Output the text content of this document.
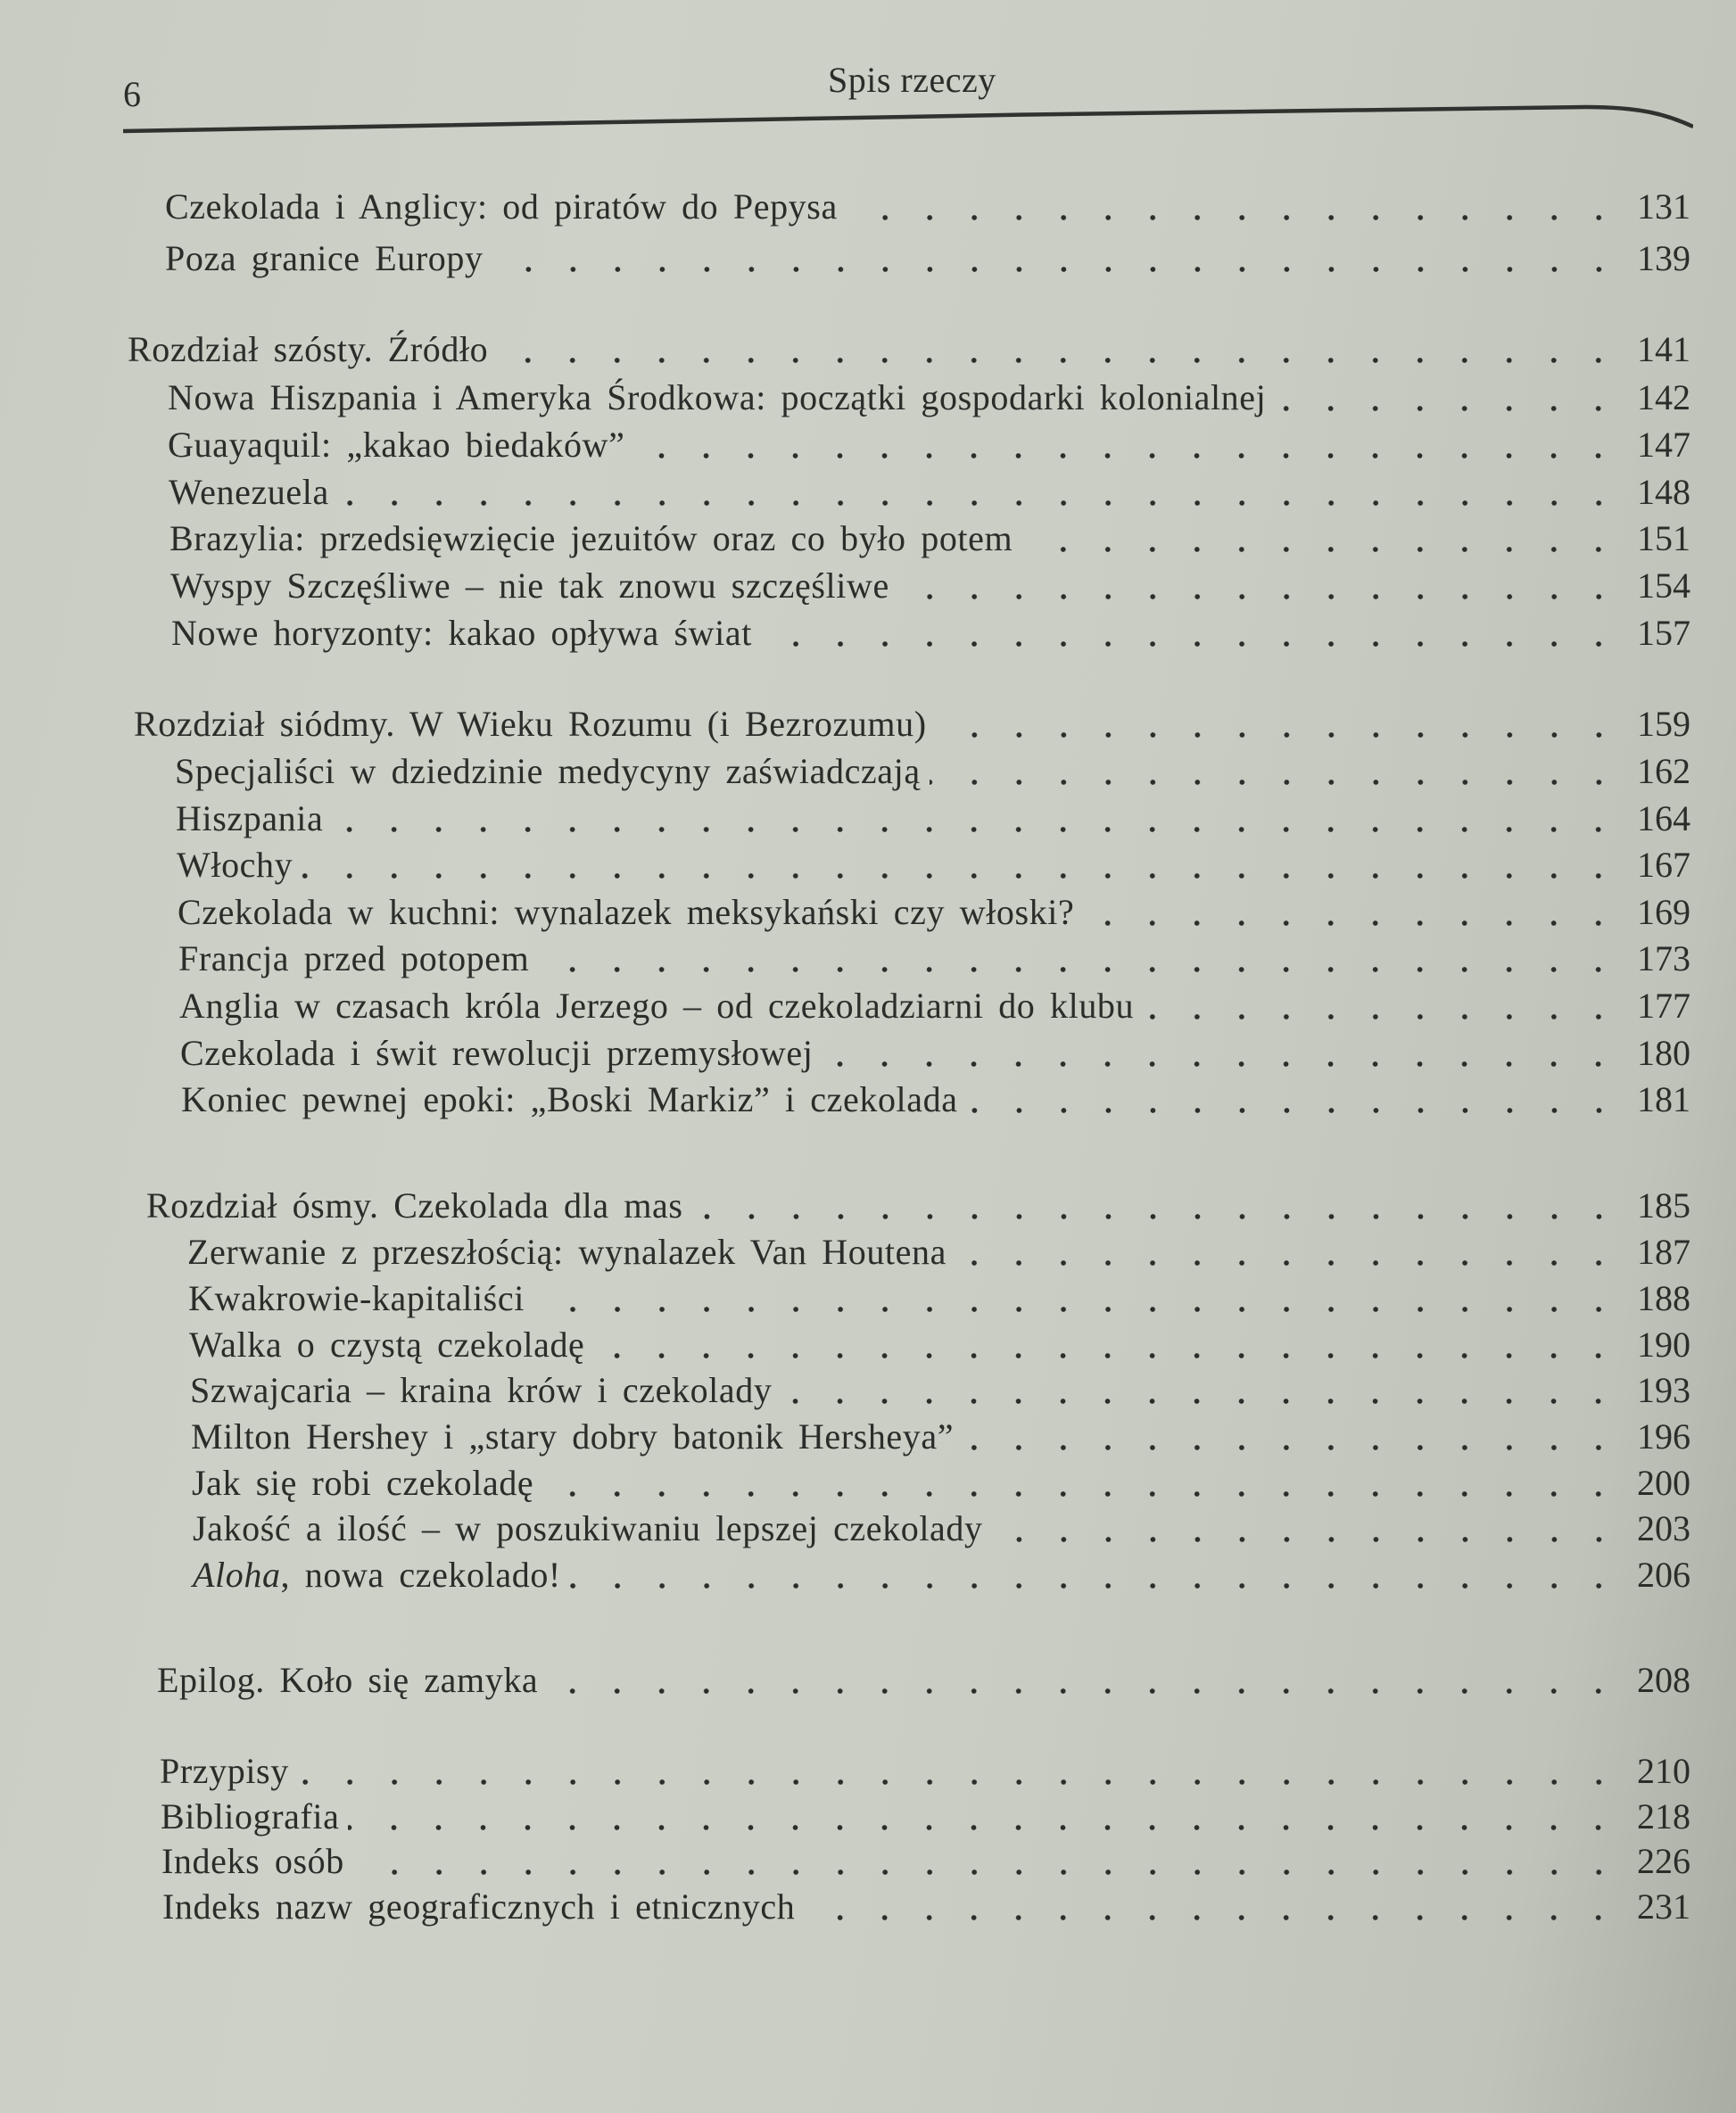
6	Spis rzeczy
Czekolada i Anglicy: od piratów do Pepysa	131
Poza granice Europy	139
Rozdział szósty. Źródło	141
Nowa Hiszpania i Ameryka Środkowa: początki gospodarki kolonialnej	142
Guayaquil: „kakao biedaków”	147
Wenezuela	148
Brazylia: przedsięwzięcie jezuitów oraz co było potem	151
Wyspy Szczęśliwe – nie tak znowu szczęśliwe	154
Nowe horyzonty: kakao opływa świat	157
Rozdział siódmy. W Wieku Rozumu (i Bezrozumu)	159
Specjaliści w dziedzinie medycyny zaświadczają	162
Hiszpania	164
Włochy	167
Czekolada w kuchni: wynalazek meksykański czy włoski?	169
Francja przed potopem	173
Anglia w czasach króla Jerzego – od czekoladziarni do klubu	177
Czekolada i świt rewolucji przemysłowej	180
Koniec pewnej epoki: „Boski Markiz” i czekolada	181
Rozdział ósmy. Czekolada dla mas	185
Zerwanie z przeszłością: wynalazek Van Houtena	187
Kwakrowie-kapitaliści	188
Walka o czystą czekoladę	190
Szwajcaria – kraina krów i czekolady	193
Milton Hershey i „stary dobry batonik Hersheya”	196
Jak się robi czekoladę	200
Jakość a ilość – w poszukiwaniu lepszej czekolady	203
Aloha, nowa czekolado!	206
Epilog. Koło się zamyka	208
Przypisy	210
Bibliografia	218
Indeks osób	226
Indeks nazw geograficznych i etnicznych	231
